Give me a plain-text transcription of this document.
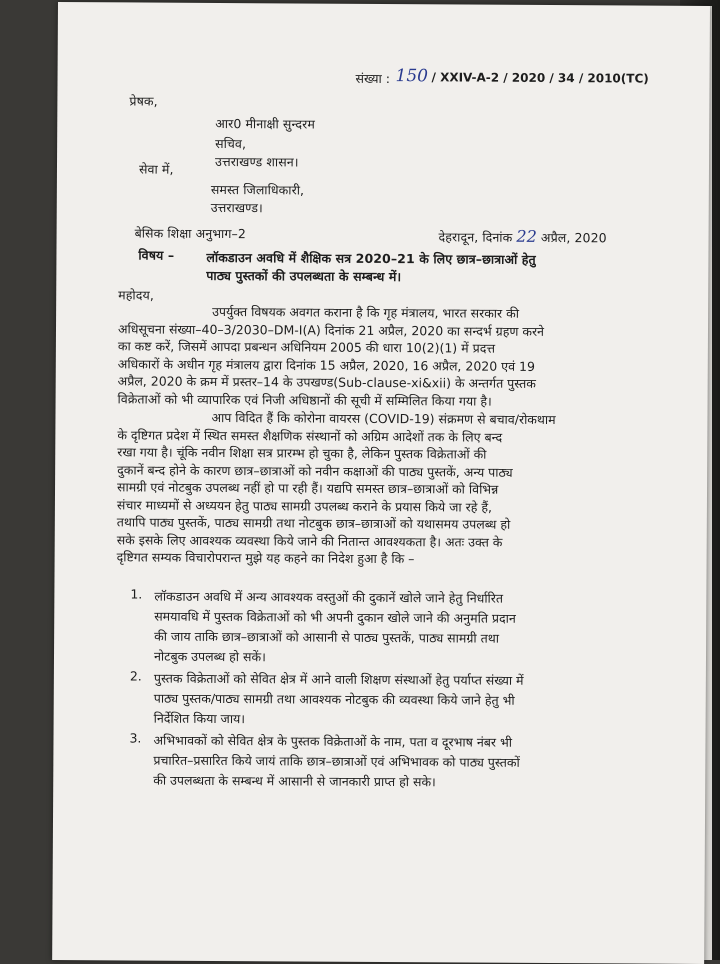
संख्या : 150 / XXIV-A-2 / 2020 / 34 / 2010(TC)
प्रेषक,
आर0 मीनाक्षी सुन्दरम
सचिव,
उत्तराखण्ड शासन।
सेवा में,
समस्त जिलाधिकारी,
उत्तराखण्ड।
बेसिक शिक्षा अनुभाग–2	देहरादून, दिनांक 22 अप्रैल, 2020
विषय –	लॉकडाउन अवधि में शैक्षिक सत्र 2020–21 के लिए छात्र–छात्राओं हेतु
पाठ्य पुस्तकों की उपलब्धता के सम्बन्ध में।
महोदय,
उपर्युक्त विषयक अवगत कराना है कि गृह मंत्रालय, भारत सरकार की
अधिसूचना संख्या–40–3/2030–DM-I(A) दिनांक 21 अप्रैल, 2020 का सन्दर्भ ग्रहण करने
का कष्ट करें, जिसमें आपदा प्रबन्धन अधिनियम 2005 की धारा 10(2)(1) में प्रदत्त
अधिकारों के अधीन गृह मंत्रालय द्वारा दिनांक 15 अप्रैल, 2020, 16 अप्रैल, 2020 एवं 19
अप्रैल, 2020 के क्रम में प्रस्तर–14 के उपखण्ड(Sub-clause-xi&xii) के अन्तर्गत पुस्तक
विक्रेताओं को भी व्यापारिक एवं निजी अधिष्ठानों की सूची में सम्मिलित किया गया है।
आप विदित हैं कि कोरोना वायरस (COVID-19) संक्रमण से बचाव/रोकथाम
के दृष्टिगत प्रदेश में स्थित समस्त शैक्षणिक संस्थानों को अग्रिम आदेशों तक के लिए बन्द
रखा गया है। चूंकि नवीन शिक्षा सत्र प्रारम्भ हो चुका है, लेकिन पुस्तक विक्रेताओं की
दुकानें बन्द होने के कारण छात्र–छात्राओं को नवीन कक्षाओं की पाठ्य पुस्तकें, अन्य पाठ्य
सामग्री एवं नोटबुक उपलब्ध नहीं हो पा रही हैं। यद्यपि समस्त छात्र–छात्राओं को विभिन्न
संचार माध्यमों से अध्ययन हेतु पाठ्य सामग्री उपलब्ध कराने के प्रयास किये जा रहे हैं,
तथापि पाठ्य पुस्तकें, पाठ्य सामग्री तथा नोटबुक छात्र–छात्राओं को यथासमय उपलब्ध हो
सके इसके लिए आवश्यक व्यवस्था किये जाने की नितान्त आवश्यकता है। अतः उक्त के
दृष्टिगत सम्यक विचारोपरान्त मुझे यह कहने का निदेश हुआ है कि –
1. लॉकडाउन अवधि में अन्य आवश्यक वस्तुओं की दुकानें खोले जाने हेतु निर्धारित
समयावधि में पुस्तक विक्रेताओं को भी अपनी दुकान खोले जाने की अनुमति प्रदान
की जाय ताकि छात्र–छात्राओं को आसानी से पाठ्य पुस्तकें, पाठ्य सामग्री तथा
नोटबुक उपलब्ध हो सकें।
2. पुस्तक विक्रेताओं को सेवित क्षेत्र में आने वाली शिक्षण संस्थाओं हेतु पर्याप्त संख्या में
पाठ्य पुस्तक/पाठ्य सामग्री तथा आवश्यक नोटबुक की व्यवस्था किये जाने हेतु भी
निर्देशित किया जाय।
3. अभिभावकों को सेवित क्षेत्र के पुस्तक विक्रेताओं के नाम, पता व दूरभाष नंबर भी
प्रचारित–प्रसारित किये जायं ताकि छात्र–छात्राओं एवं अभिभावक को पाठ्य पुस्तकों
की उपलब्धता के सम्बन्ध में आसानी से जानकारी प्राप्त हो सके।
